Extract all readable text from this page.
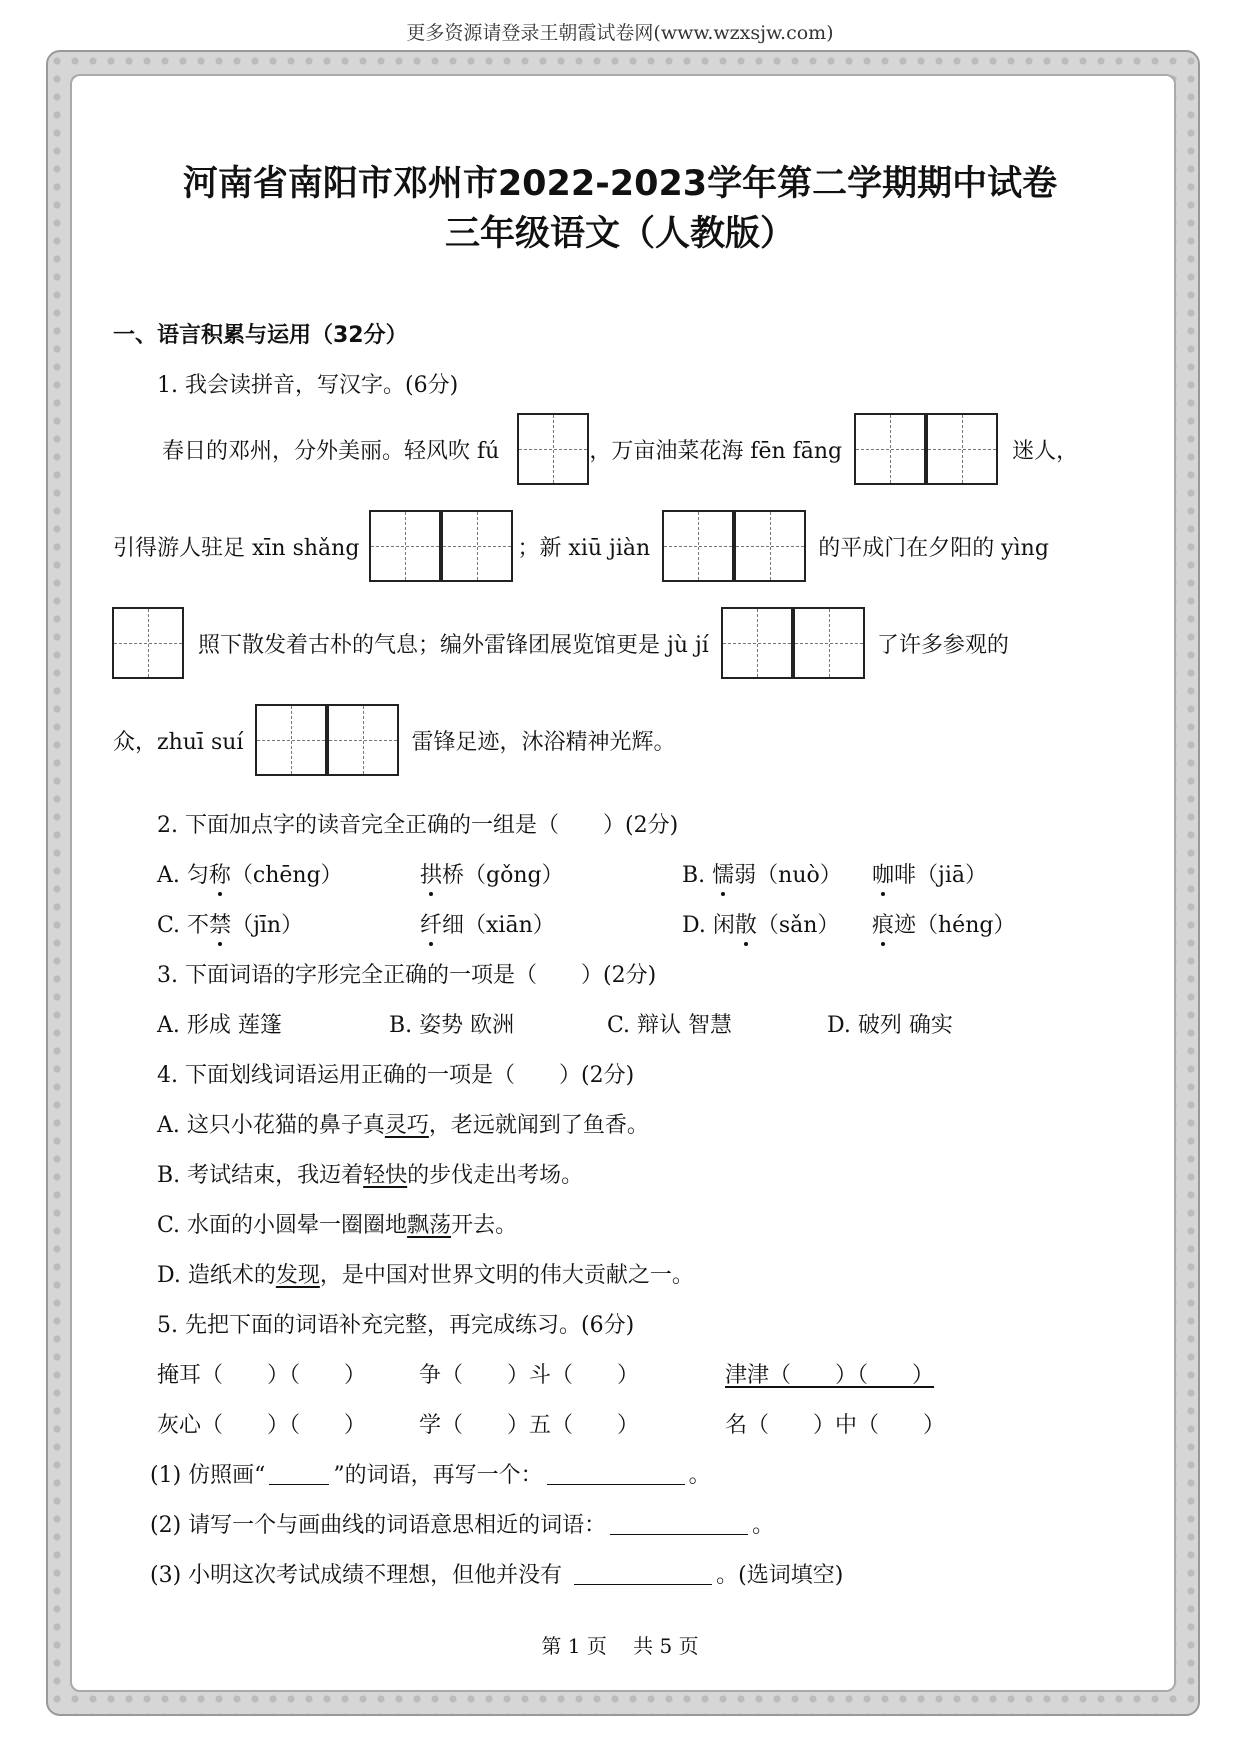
更多资源请登录王朝霞试卷网(www.wzxsjw.com)
河南省南阳市邓州市2022-2023学年第二学期期中试卷
三年级语文（人教版）
一、语言积累与运用（32分）
1. 我会读拼音，写汉字。(6分)
春日的邓州，分外美丽。轻风吹 fú	，万亩油菜花海 fēn fāng	迷人，
引得游人驻足 xīn shǎng	；新 xiū jiàn	的平成门在夕阳的 yìng
照下散发着古朴的气息；编外雷锋团展览馆更是 jù jí	了许多参观的
众，zhuī suí	雷锋足迹，沐浴精神光辉。
2. 下面加点字的读音完全正确的一组是（　　）(2分)
A. 匀称（chēng）	拱桥（gǒng）	B. 懦弱（nuò）	咖啡（jiā）
C. 不禁（jīn）	纤细（xiān）	D. 闲散（sǎn）	痕迹（héng）
3. 下面词语的字形完全正确的一项是（　　）(2分)
A. 形成 莲篷	B. 姿势 欧洲	C. 辩认 智慧	D. 破列 确实
4. 下面划线词语运用正确的一项是（　　）(2分)
A. 这只小花猫的鼻子真 灵巧 ，老远就闻到了鱼香。
B. 考试结束，我迈着 轻快 的步伐走出考场。
C. 水面的小圆晕一圈圈地 飘荡 开去。
D. 造纸术的 发现 ，是中国对世界文明的伟大贡献之一。
5. 先把下面的词语补充完整，再完成练习。(6分)
掩耳（　　）（　　）	争（　　）斗（　　）	津津（　　）（　　）
灰心（　　）（　　）	学（　　）五（　　）	名（　　）中（　　）
(1) 仿照画“	”的词语，再写一个：	。
(2) 请写一个与画曲线的词语意思相近的词语：	。
(3) 小明这次考试成绩不理想，但他并没有	。(选词填空)
第 1 页　 共 5 页
